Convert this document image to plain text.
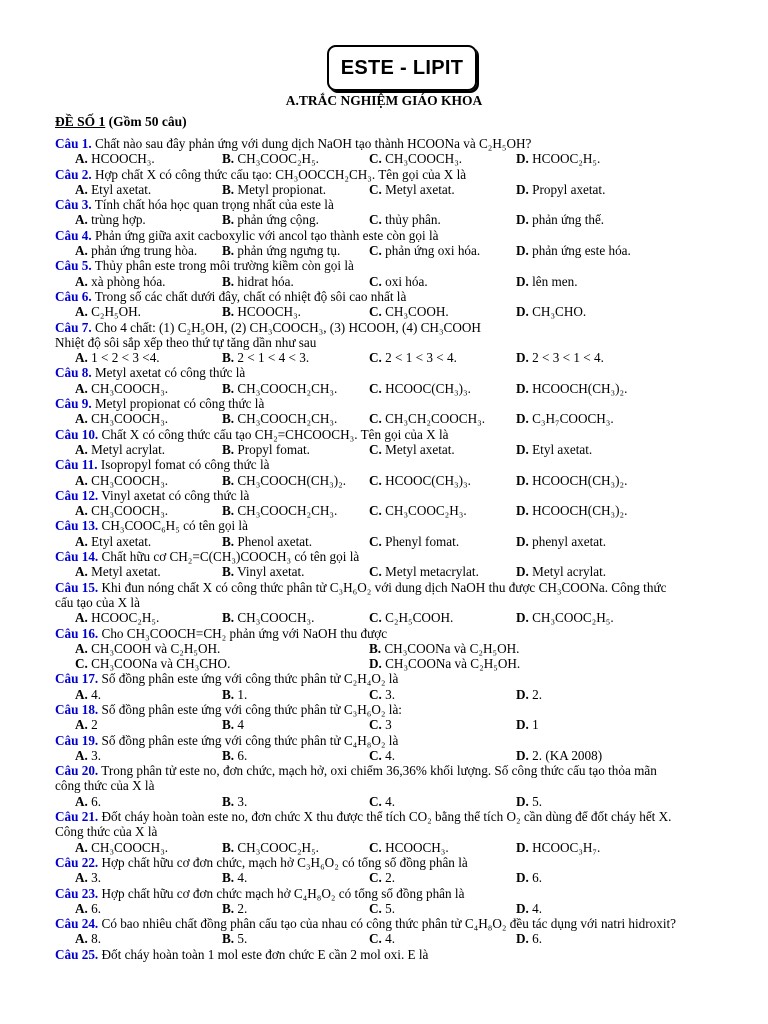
ESTE - LIPIT
A.TRẮC NGHIỆM GIÁO KHOA
ĐỀ SỐ 1 (Gồm 50 câu)
Câu 1. Chất nào sau đây phản ứng với dung dịch NaOH tạo thành HCOONa và C₂H₅OH?
A. HCOOCH₃.	B. CH₃COOC₂H₅.	C. CH₃COOCH₃.	D. HCOOC₂H₅.
Câu 2. Hợp chất X có công thức cấu tạo: CH₃OOCCH₂CH₃. Tên gọi của X là
A. Etyl axetat.	B. Metyl propionat.	C. Metyl axetat.	D. Propyl axetat.
Câu 3. Tính chất hóa học quan trọng nhất của este là
A. trùng hợp.	B. phản ứng cộng.	C. thủy phân.	D. phản ứng thế.
Câu 4. Phản ứng giữa axit cacboxylic với ancol tạo thành este còn gọi là
A. phản ứng trung hòa.	B. phản ứng ngưng tụ.	C. phản ứng oxi hóa.	D. phản ứng este hóa.
Câu 5. Thủy phân este trong môi trường kiềm còn gọi là
A. xà phòng hóa.	B. hidrat hóa.	C. oxi hóa.	D. lên men.
Câu 6. Trong số các chất dưới đây, chất có nhiệt độ sôi cao nhất là
A. C₂H₅OH.	B. HCOOCH₃.	C. CH₃COOH.	D. CH₃CHO.
Câu 7. Cho 4 chất: (1) C₂H₅OH, (2) CH₃COOCH₃, (3) HCOOH, (4) CH₃COOH
Nhiệt độ sôi sắp xếp theo thứ tự tăng dần như sau
A. 1 < 2 < 3 <4.	B. 2 < 1 < 4 < 3.	C. 2 < 1 < 3 < 4.	D. 2 < 3 < 1 < 4.
Câu 8. Metyl axetat có công thức là
A. CH₃COOCH₃.	B. CH₃COOCH₂CH₃.	C. HCOOC(CH₃)₃.	D. HCOOCH(CH₃)₂.
Câu 9. Metyl propionat có công thức là
A. CH₃COOCH₃.	B. CH₃COOCH₂CH₃.	C. CH₃CH₂COOCH₃.	D. C₃H₇COOCH₃.
Câu 10. Chất X có công thức cấu tạo CH₂=CHCOOCH₃. Tên gọi của X là
A. Metyl acrylat.	B. Propyl fomat.	C. Metyl axetat.	D. Etyl axetat.
Câu 11. Isopropyl fomat có công thức là
A. CH₃COOCH₃.	B. CH₃COOCH(CH₃)₂.	C. HCOOC(CH₃)₃.	D. HCOOCH(CH₃)₂.
Câu 12. Vinyl axetat có công thức là
A. CH₃COOCH₃.	B. CH₃COOCH₂CH₃.	C. CH₃COOC₂H₃.	D. HCOOCH(CH₃)₂.
Câu 13. CH₃COOC₆H₅ có tên gọi là
A. Etyl axetat.	B. Phenol axetat.	C. Phenyl fomat.	D. phenyl axetat.
Câu 14. Chất hữu cơ CH₂=C(CH₃)COOCH₃ có tên gọi là
A. Metyl axetat.	B. Vinyl axetat.	C. Metyl metacrylat.	D. Metyl acrylat.
Câu 15. Khi đun nóng chất X có công thức phân tử C₃H₆O₂ với dung dịch NaOH thu được CH₃COONa. Công thức
cấu tạo của X là
A. HCOOC₂H₅.	B. CH₃COOCH₃.	C. C₂H₅COOH.	D. CH₃COOC₂H₅.
Câu 16. Cho CH₃COOCH=CH₂ phản ứng với NaOH thu được
A. CH₃COOH và C₂H₅OH.	B. CH₃COONa và C₂H₅OH.
C. CH₃COONa và CH₃CHO.	D. CH₃COONa và C₂H₅OH.
Câu 17. Số đồng phân este ứng với công thức phân tử C₂H₄O₂ là
A. 4.	B. 1.	C. 3.	D. 2.
Câu 18. Số đồng phân este ứng với công thức phân tử C₃H₆O₂ là:
A. 2	B. 4	C. 3	D. 1
Câu 19. Số đồng phân este ứng với công thức phân tử C₄H₈O₂ là
A. 3.	B. 6.	C. 4.	D. 2. (KA 2008)
Câu 20. Trong phân tử este no, đơn chức, mạch hở, oxi chiếm 36,36% khối lượng. Số công thức cấu tạo thỏa mãn
công thức của X là
A. 6.	B. 3.	C. 4.	D. 5.
Câu 21. Đốt cháy hoàn toàn este no, đơn chức X thu được thể tích CO₂ bằng thể tích O₂ cần dùng để đốt cháy hết X.
Công thức của X là
A. CH₃COOCH₃.	B. CH₃COOC₂H₅.	C. HCOOCH₃.	D. HCOOC₃H₇.
Câu 22. Hợp chất hữu cơ đơn chức, mạch hở C₃H₆O₂ có tổng số đồng phân là
A. 3.	B. 4.	C. 2.	D. 6.
Câu 23. Hợp chất hữu cơ đơn chức mạch hở C₄H₈O₂ có tổng số đồng phân là
A. 6.	B. 2.	C. 5.	D. 4.
Câu 24. Có bao nhiêu chất đồng phân cấu tạo của nhau có công thức phân tử C₄H₈O₂ đều tác dụng với natri hidroxit?
A. 8.	B. 5.	C. 4.	D. 6.
Câu 25. Đốt cháy hoàn toàn 1 mol este đơn chức E cần 2 mol oxi. E là
